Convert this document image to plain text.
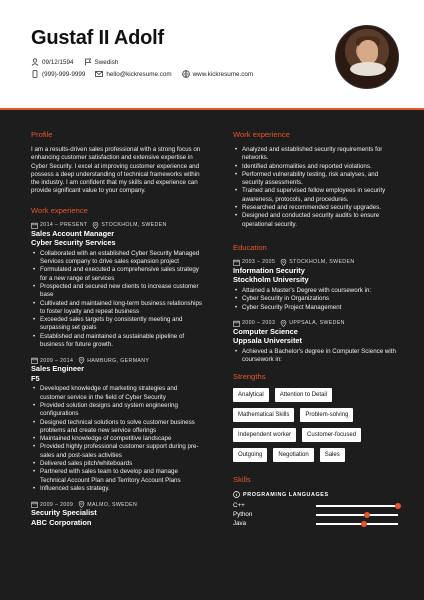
Gustaf II Adolf
09/12/1594	Swedish
(999)-999-9999	hello@kickresume.com	www.kickresume.com
Profile

I am a results-driven sales professional with a strong focus on enhancing customer satisfaction and extensive expertise in Cyber Security. I excel at improving customer experience and possess a deep understanding of technical frameworks within the industry. I am confident that my skills and experience can provide significant value to your company.

Work experience
2014 – PRESENT	STOCKHOLM, SWEDEN
Sales Account Manager
Cyber Security Services
• Collaborated with an established Cyber Security Managed Services company to drive sales expansion project
• Formulated and executed a comprehensive sales strategy for a new range of services
• Prospected and secured new clients to increase customer base
• Cultivated and maintained long-term business relationships to foster loyalty and repeat business
• Exceeded sales targets by consistently meeting and surpassing set goals
• Established and maintained a sustainable pipeline of business for future growth.
2009 – 2014	HAMBURG, GERMANY
Sales Engineer
F5
• Developed knowledge of marketing strategies and customer service in the field of Cyber Security
• Provided solution designs and system engineering configurations
• Designed technical solutions to solve customer business problems and create new service offerings
• Maintained knowledge of competitive landscape
• Provided highly professional customer support during pre-sales and post-sales activities
• Delivered sales pitch/whiteboards
• Partnered with sales team to develop and manage Technical Account Plan and Territory Account Plans
• Influenced sales strategy.
2009 – 2009	MALMO, SWEDEN
Security Specialist
ABC Corporation
Work experience
• Analyzed and established security requirements for networks.
• Identified abnormalities and reported violations.
• Performed vulnerability testing, risk analyses, and security assessments.
• Trained and supervised fellow employees in security awareness, protocols, and procedures.
• Researched and recommended security upgrades.
• Designed and conducted security audits to ensure operational security.
Education
2003 – 2005	STOCKHOLM, SWEDEN
Information Security
Stockholm University
• Attained a Master's Degree with coursework in:
• Cyber Security in Organizations
• Cyber Security Project Management
2000 – 2003	UPPSALA, SWEDEN
Computer Science
Uppsala Universitet
• Achieved a Bachelor's degree in Computer Science with coursework in:
Strengths
Analytical	Attention to Detail
Mathematical Skills	Problem-solving
Independent worker	Customer-focused
Outgoing	Negotiation	Sales
Skills
PROGRAMING LANGUAGES
C++
Python
Java
